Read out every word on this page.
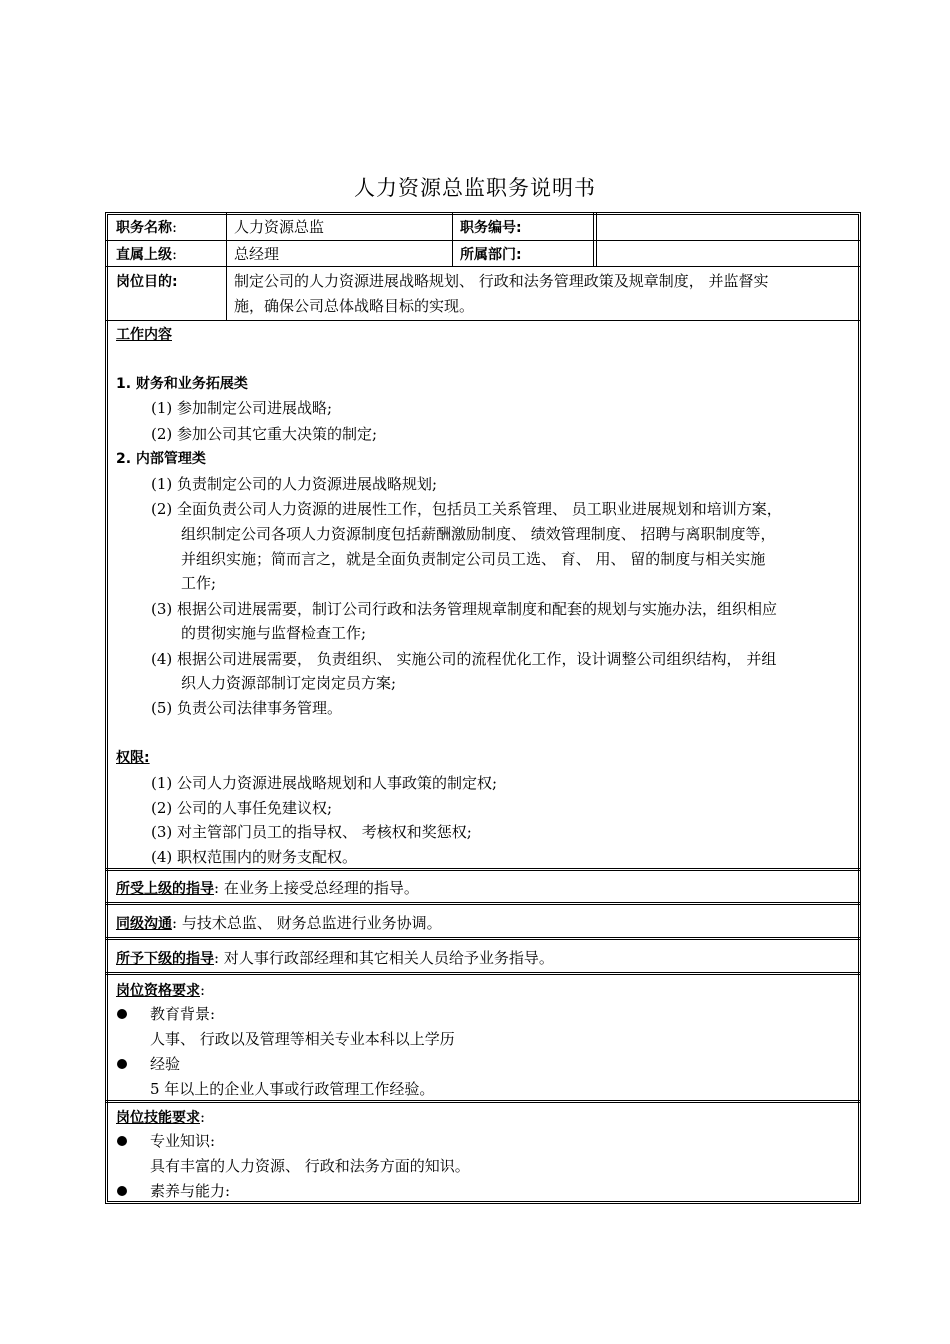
人力资源总监职务说明书
职务名称:	人力资源总监	职务编号:
直属上级:	总经理	所属部门:
岗位目的:	制定公司的人力资源进展战略规划、 行政和法务管理政策及规章制度， 并监督实
施，确保公司总体战略目标的实现。
工作内容
1. 财务和业务拓展类
(1) 参加制定公司进展战略;
(2) 参加公司其它重大决策的制定;
2. 内部管理类
(1) 负责制定公司的人力资源进展战略规划;
(2) 全面负责公司人力资源的进展性工作，包括员工关系管理、 员工职业进展规划和培训方案，
组织制定公司各项人力资源制度包括薪酬激励制度、 绩效管理制度、 招聘与离职制度等，
并组织实施；简而言之，就是全面负责制定公司员工选、 育、 用、 留的制度与相关实施
工作;
(3) 根据公司进展需要，制订公司行政和法务管理规章制度和配套的规划与实施办法，组织相应
的贯彻实施与监督检查工作;
(4) 根据公司进展需要， 负责组织、 实施公司的流程优化工作，设计调整公司组织结构， 并组
织人力资源部制订定岗定员方案;
(5) 负责公司法律事务管理。
权限:
(1) 公司人力资源进展战略规划和人事政策的制定权;
(2) 公司的人事任免建议权;
(3) 对主管部门员工的指导权、 考核权和奖惩权;
(4) 职权范围内的财务支配权。
所受上级的指导: 在业务上接受总经理的指导。
同级沟通: 与技术总监、 财务总监进行业务协调。
所予下级的指导: 对人事行政部经理和其它相关人员给予业务指导。
岗位资格要求:
教育背景:
人事、 行政以及管理等相关专业本科以上学历
经验
5 年以上的企业人事或行政管理工作经验。
岗位技能要求:
专业知识:
具有丰富的人力资源、 行政和法务方面的知识。
素养与能力:
